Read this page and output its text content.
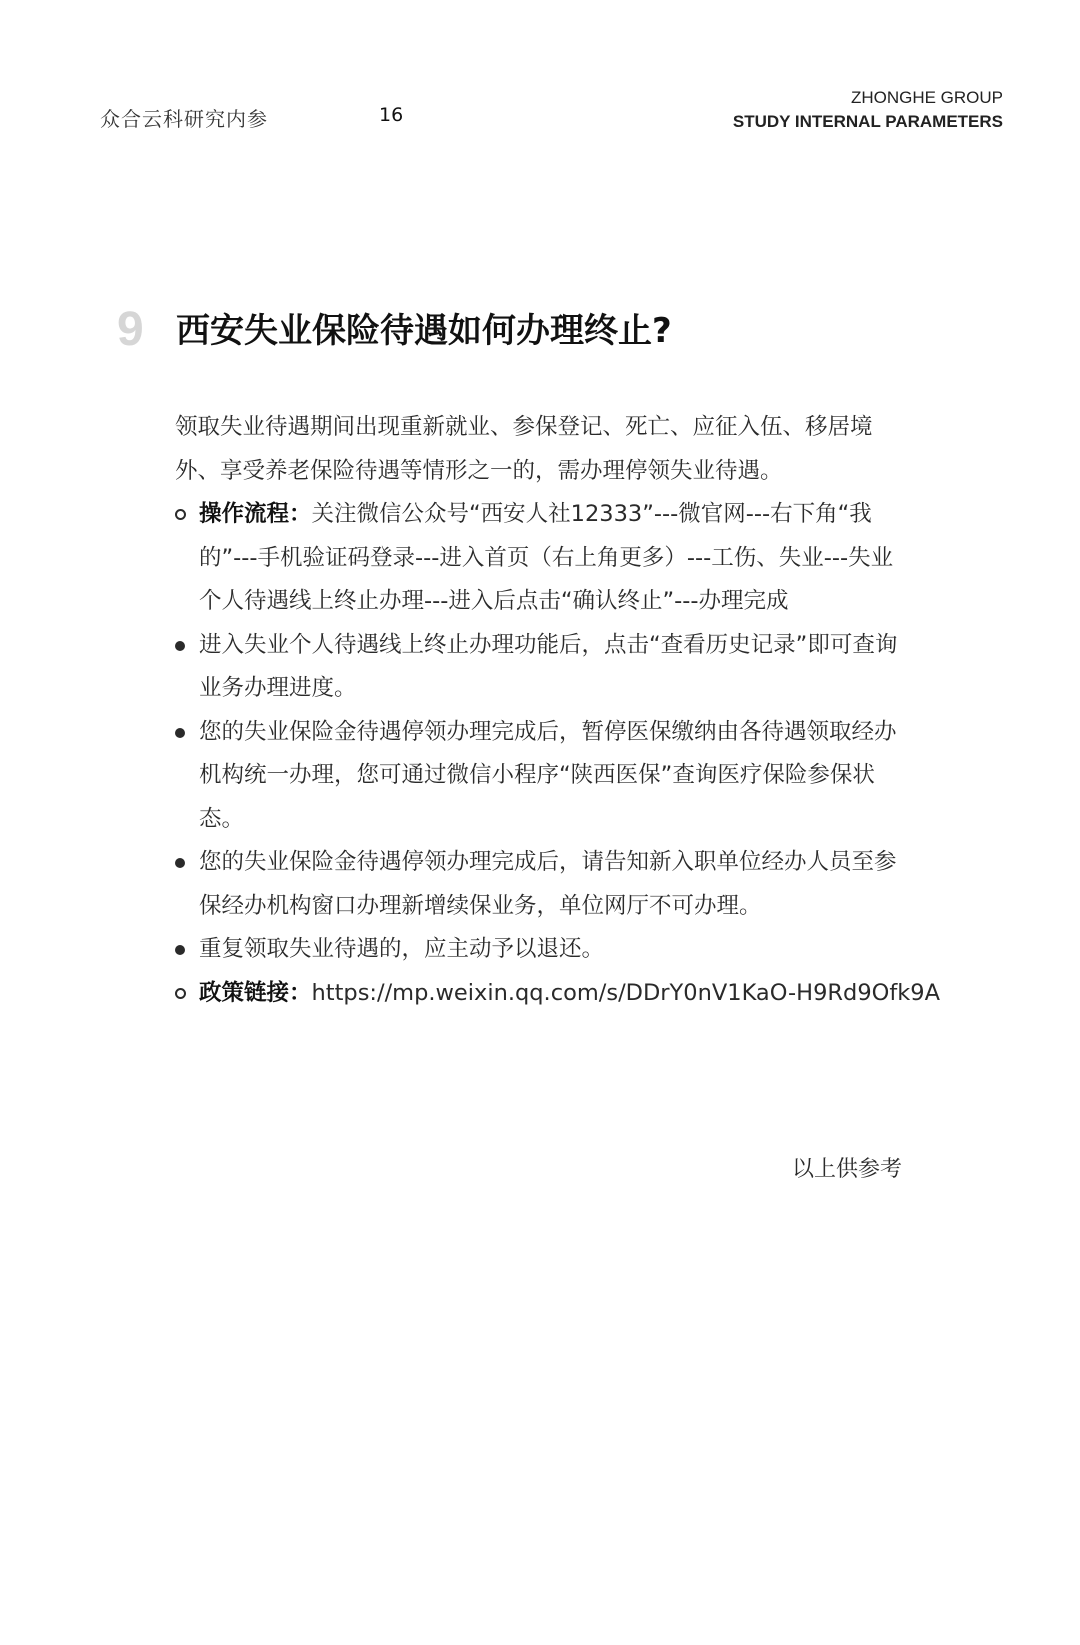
众合云科研究内参	16
ZHONGHE GROUP
STUDY INTERNAL PARAMETERS
9 西安失业保险待遇如何办理终止?

领取失业待遇期间出现重新就业、参保登记、死亡、应征入伍、移居境外、享受养老保险待遇等情形之一的，需办理停领失业待遇。

操作流程：关注微信公众号“西安人社12333”---微官网---右下角“我的”---手机验证码登录---进入首页（右上角更多）---工伤、失业---失业个人待遇线上终止办理---进入后点击“确认终止”---办理完成
进入失业个人待遇线上终止办理功能后，点击“查看历史记录”即可查询业务办理进度。
您的失业保险金待遇停领办理完成后，暂停医保缴纳由各待遇领取经办机构统一办理，您可通过微信小程序“陕西医保”查询医疗保险参保状态。
您的失业保险金待遇停领办理完成后，请告知新入职单位经办人员至参保经办机构窗口办理新增续保业务，单位网厅不可办理。
重复领取失业待遇的，应主动予以退还。
政策链接：https://mp.weixin.qq.com/s/DDrY0nV1KaO-H9Rd9Ofk9A
以上供参考
